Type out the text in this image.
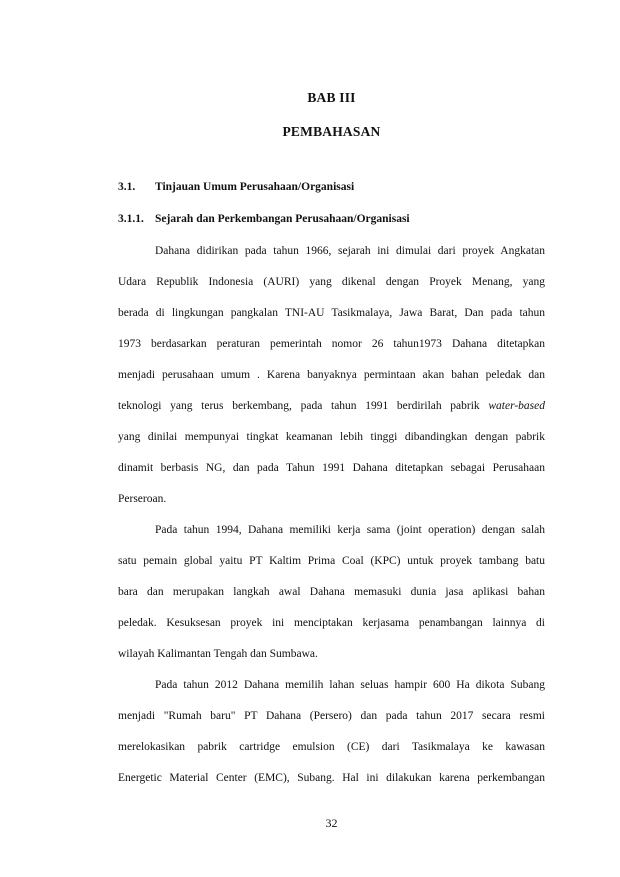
BAB III
PEMBAHASAN
3.1. Tinjauan Umum Perusahaan/Organisasi
3.1.1. Sejarah dan Perkembangan Perusahaan/Organisasi
Dahana didirikan pada tahun 1966, sejarah ini dimulai dari proyek Angkatan
Udara Republik Indonesia (AURI) yang dikenal dengan Proyek Menang, yang
berada di lingkungan pangkalan TNI-AU Tasikmalaya, Jawa Barat, Dan pada tahun
1973 berdasarkan peraturan pemerintah nomor 26 tahun1973 Dahana ditetapkan
menjadi perusahaan umum . Karena banyaknya permintaan akan bahan peledak dan
teknologi yang terus berkembang, pada tahun 1991 berdirilah pabrik water-based
yang dinilai mempunyai tingkat keamanan lebih tinggi dibandingkan dengan pabrik
dinamit berbasis NG, dan pada Tahun 1991 Dahana ditetapkan sebagai Perusahaan
Perseroan.
Pada tahun 1994, Dahana memiliki kerja sama (joint operation) dengan salah
satu pemain global yaitu PT Kaltim Prima Coal (KPC) untuk proyek tambang batu
bara dan merupakan langkah awal Dahana memasuki dunia jasa aplikasi bahan
peledak. Kesuksesan proyek ini menciptakan kerjasama penambangan lainnya di
wilayah Kalimantan Tengah dan Sumbawa.
Pada tahun 2012 Dahana memilih lahan seluas hampir 600 Ha dikota Subang
menjadi "Rumah baru" PT Dahana (Persero) dan pada tahun 2017 secara resmi
merelokasikan pabrik cartridge emulsion (CE) dari Tasikmalaya ke kawasan
Energetic Material Center (EMC), Subang. Hal ini dilakukan karena perkembangan
32
